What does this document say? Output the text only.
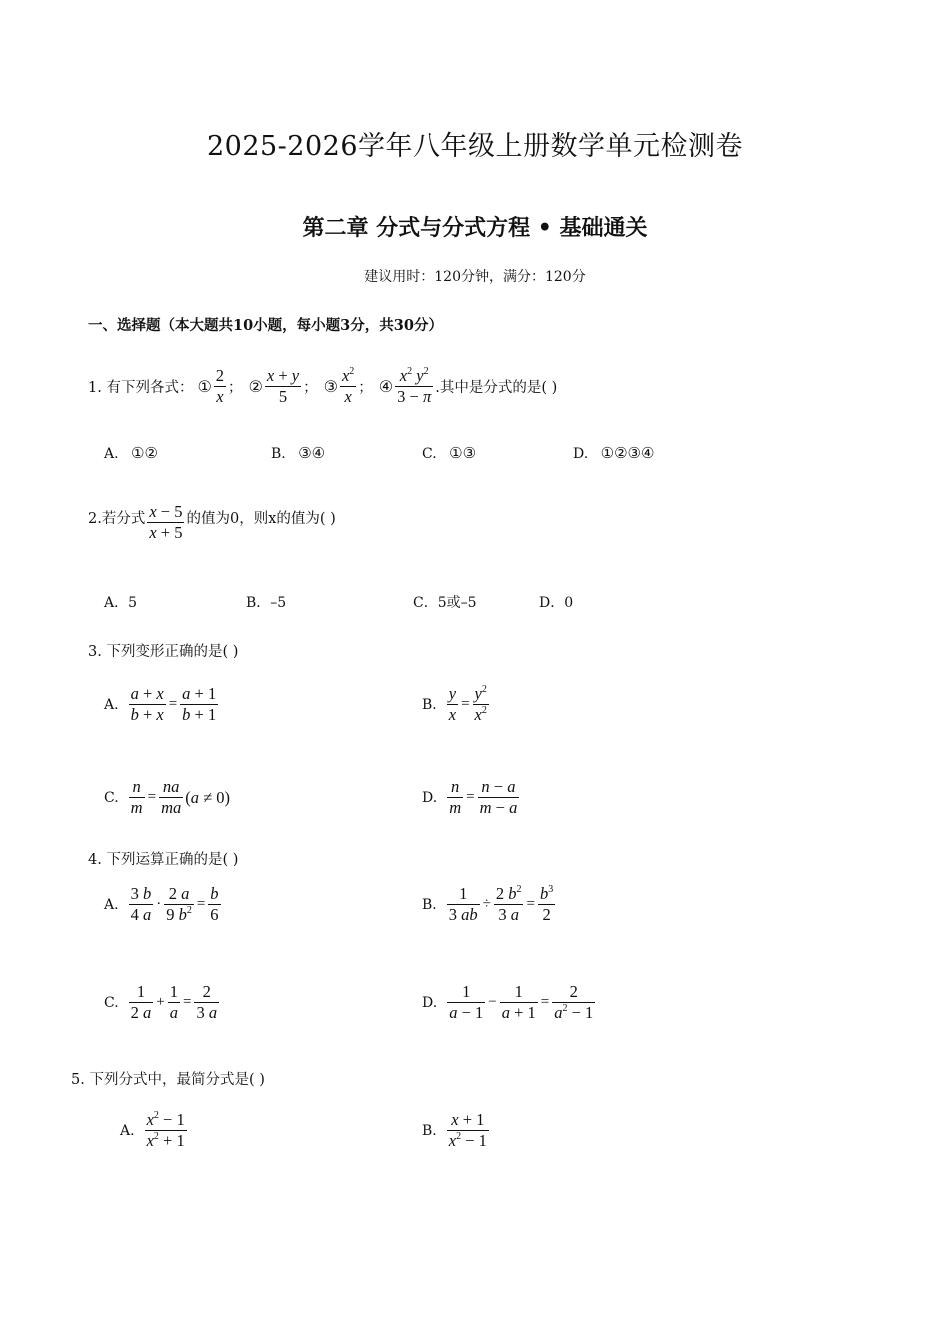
2025-2026学年八年级上册数学单元检测卷
第二章 分式与分式方程 • 基础通关
建议用时：120分钟，满分：120分
一、选择题（本大题共10小题，每小题3分，共30分）
1. 有下列各式： ① $\frac{2}{x}$ ； ② $\frac{x + y}{5}$ ； ③ $\frac{x^2}{x}$ ； ④ $\frac{x^2 y^2}{3 - \pi}$ .其中是分式的是( )
A. ①②	B. ③④	C. ①③	D. ①②③④
2.若分式 $\frac{x - 5}{x + 5}$ 的值为0，则x的值为( )
A．5	B．–5	C．5或–5	D．0
3. 下列变形正确的是( )
A. $\frac{a + x}{b + x} = \frac{a + 1}{b + 1}$	B. $\frac{y}{x} = \frac{y^2}{x^2}$
C. $\frac{n}{m} = \frac{na}{ma} (a \ne 0)$	D. $\frac{n}{m} = \frac{n - a}{m - a}$
4. 下列运算正确的是( )
A. $\frac{3 b}{4 a} \cdot \frac{2 a}{9 b^2} = \frac{b}{6}$	B. $\frac{1}{3 ab} \div \frac{2 b^2}{3 a} = \frac{b^3}{2}$
C. $\frac{1}{2 a} + \frac{1}{a} = \frac{2}{3 a}$	D. $\frac{1}{a - 1} - \frac{1}{a + 1} = \frac{2}{a^2 - 1}$
5. 下列分式中，最简分式是( )
A. $\frac{x^2 - 1}{x^2 + 1}$	B. $\frac{x + 1}{x^2 - 1}$
